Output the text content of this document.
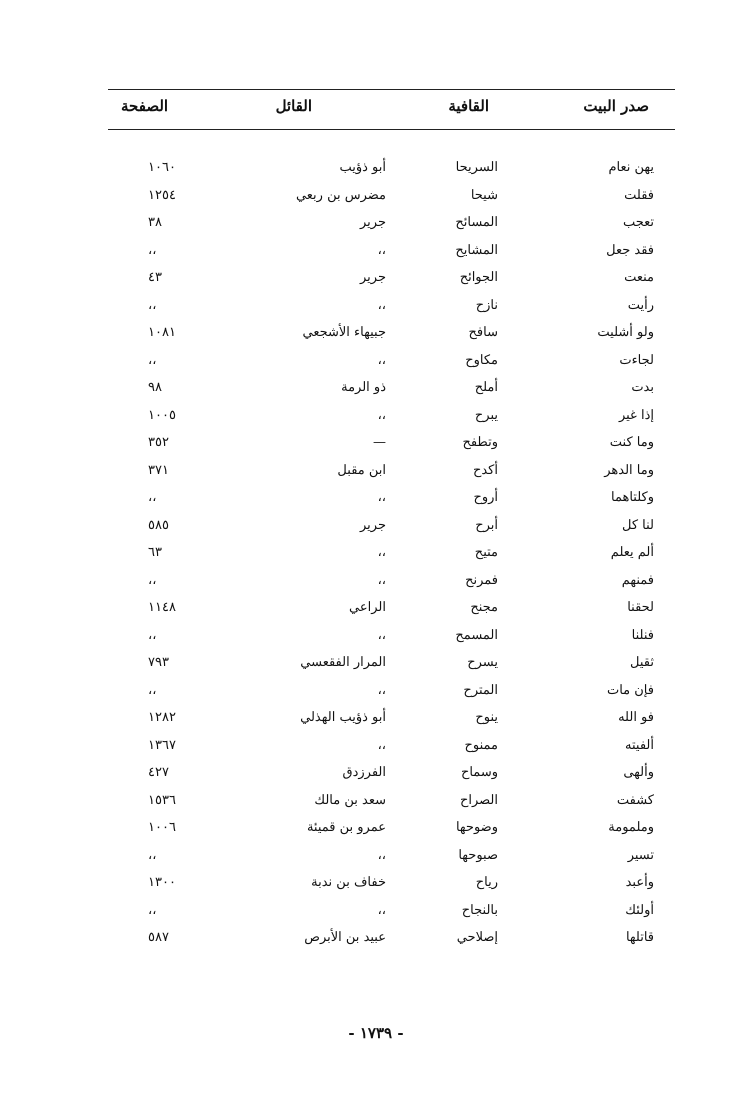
صدر البيت
القافية
القائل
الصفحة
يهن نعام
السريحا
أبو ذؤيب
١٠٦٠
فقلت
شيحا
مضرس بن ربعي
١٢٥٤
تعجب
المسائح
جرير
٣٨
فقد جعل
المشايح
،،
،،
منعت
الجوائح
جرير
٤٣
رأيت
نازح
،،
،،
ولو أشليت
سافح
جبيهاء الأشجعي
١٠٨١
لجاءت
مكاوح
،،
،،
بدت
أملح
ذو الرمة
٩٨
إذا غير
يبرح
،،
١٠٠٥
وما كنت
وتطفح
—
٣٥٢
وما الدهر
أكدح
ابن مقبل
٣٧١
وكلتاهما
أروح
،،
،،
لنا كل
أبرح
جرير
٥٨٥
ألم يعلم
متيح
،،
٦٣
فمنهم
فمرنح
،،
،،
لحقنا
مجنح
الراعي
١١٤٨
فنلنا
المسمح
،،
،،
ثقيل
يسرح
المرار الفقعسي
٧٩٣
فإن مات
المترح
،،
،،
فو الله
ينوح
أبو ذؤيب الهذلي
١٢٨٢
ألفيته
ممنوح
،،
١٣٦٧
وألهى
وسماح
الفرزدق
٤٢٧
كشفت
الصراح
سعد بن مالك
١٥٣٦
وملمومة
وضوحها
عمرو بن قميئة
١٠٠٦
تسير
صبوحها
،،
،،
وأعبد
رياح
خفاف بن ندبة
١٣٠٠
أولئك
بالنجاح
،،
،،
قاتلها
إصلاحي
عبيد بن الأبرص
٥٨٧
- ١٧٣٩ -
